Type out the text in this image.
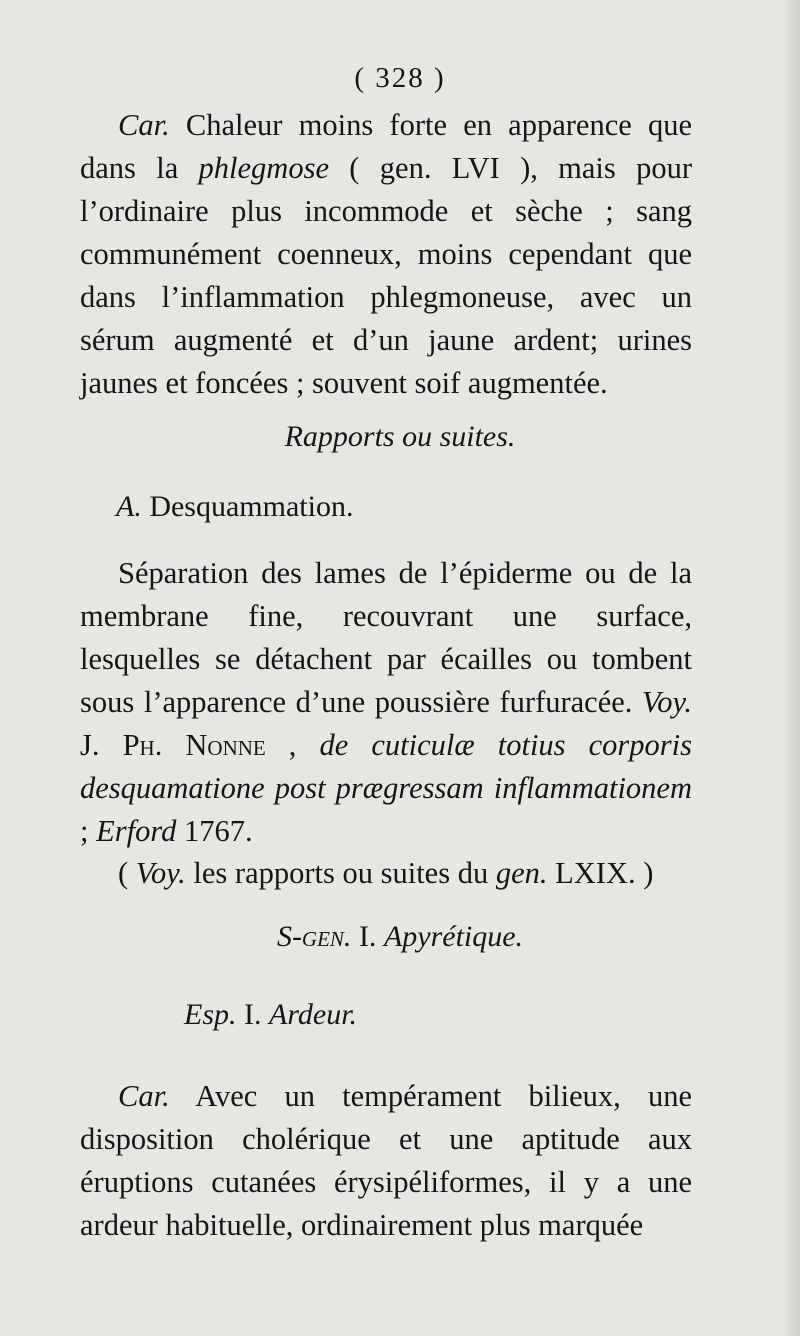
( 328 )

Car. Chaleur moins forte en apparence que dans la phlegmose ( gen. LVI ), mais pour l’ordinaire plus incommode et sèche ; sang communément coenneux, moins cependant que dans l’inflammation phlegmoneuse, avec un sérum augmenté et d’un jaune ardent; urines jaunes et foncées ; souvent soif augmentée.

Rapports ou suites.
A. Desquammation.

Séparation des lames de l’épiderme ou de la membrane fine, recouvrant une surface, lesquelles se détachent par écailles ou tombent sous l’apparence d’une poussière furfuracée. Voy. J. Ph. Nonne , de cuticulæ totius corporis desquamatione post prægressam inflammationem ; Erford 1767.

( Voy. les rapports ou suites du gen. LXIX. )

S-gen. I. Apyrétique.
Esp. I. Ardeur.

Car. Avec un tempérament bilieux, une disposition cholérique et une aptitude aux éruptions cutanées érysipéliformes, il y a une ardeur habituelle, ordinairement plus marquée
